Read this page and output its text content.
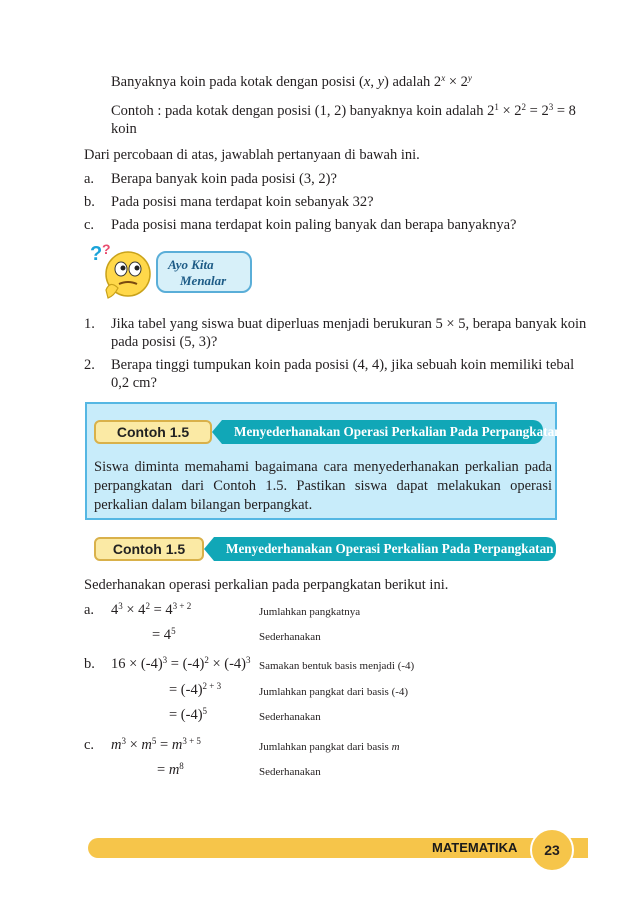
Banyaknya koin pada kotak dengan posisi (x, y) adalah $2^x \times 2^y$
Contoh : pada kotak dengan posisi (1, 2) banyaknya koin adalah $2^1 \times 2^2 = 2^3 = 8$
koin
Dari percobaan di atas, jawablah pertanyaan di bawah ini.
a. Berapa banyak koin pada posisi (3, 2)?
b. Pada posisi mana terdapat koin sebanyak 32?
c. Pada posisi mana terdapat koin paling banyak dan berapa banyaknya?
? ?
Ayo Kita
Menalar
1. Jika tabel yang siswa buat diperluas menjadi berukuran 5 × 5, berapa banyak koin
pada posisi (5, 3)?
2. Berapa tinggi tumpukan koin pada posisi (4, 4), jika sebuah koin memiliki tebal
0,2 cm?
Contoh 1.5	Menyederhanakan Operasi Perkalian Pada Perpangkatan
Siswa diminta memahami bagaimana cara menyederhanakan perkalian pada perpangkatan dari Contoh 1.5. Pastikan siswa dapat melakukan operasi perkalian dalam bilangan berpangkat.
Contoh 1.5	Menyederhanakan Operasi Perkalian Pada Perpangkatan
Sederhanakan operasi perkalian pada perpangkatan berikut ini.
a. $4^3 \times 4^2 = 4^{3 + 2}$	Jumlahkan pangkatnya
= $4^5$	Sederhanakan
b. $16 \times (-4)^3 = (-4)^2 \times (-4)^3$ Samakan bentuk basis menjadi (-4)
= $(-4)^{2 + 3}$	Jumlahkan pangkat dari basis (-4)
= $(-4)^5$	Sederhanakan
c. $m^3 \times m^5 = m^{3 + 5}$	Jumlahkan pangkat dari basis m
= $m^8$	Sederhanakan
MATEMATIKA	23
